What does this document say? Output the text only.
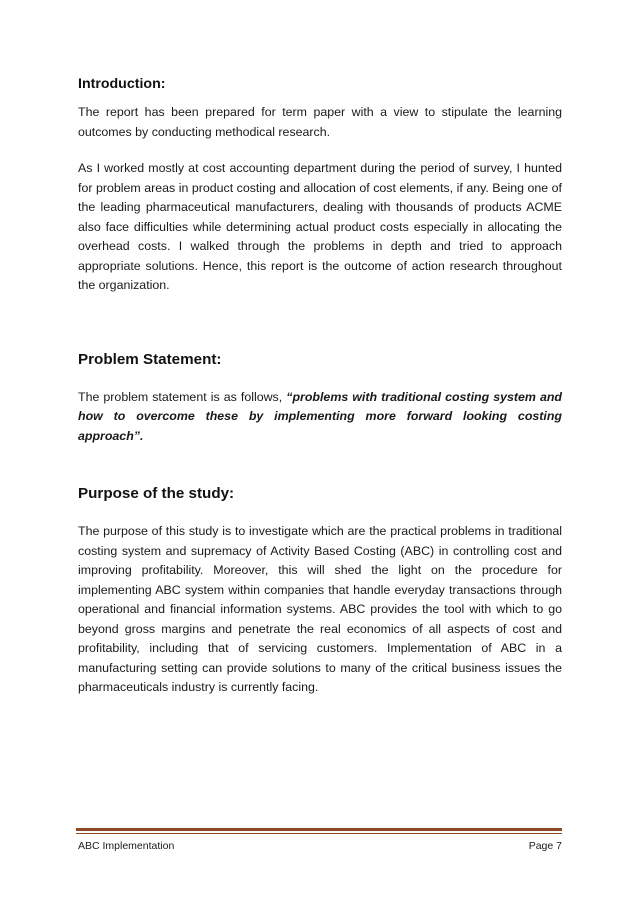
Introduction:

The report has been prepared for term paper with a view to stipulate the learning outcomes by conducting methodical research.

As I worked mostly at cost accounting department during the period of survey, I hunted for problem areas in product costing and allocation of cost elements, if any. Being one of the leading pharmaceutical manufacturers, dealing with thousands of products ACME also face difficulties while determining actual product costs especially in allocating the overhead costs. I walked through the problems in depth and tried to approach appropriate solutions. Hence, this report is the outcome of action research throughout the organization.

Problem Statement:

The problem statement is as follows, “problems with traditional costing system and how to overcome these by implementing more forward looking costing approach”.

Purpose of the study:

The purpose of this study is to investigate which are the practical problems in traditional costing system and supremacy of Activity Based Costing (ABC) in controlling cost and improving profitability. Moreover, this will shed the light on the procedure for implementing ABC system within companies that handle everyday transactions through operational and financial information systems. ABC provides the tool with which to go beyond gross margins and penetrate the real economics of all aspects of cost and profitability, including that of servicing customers. Implementation of ABC in a manufacturing setting can provide solutions to many of the critical business issues the pharmaceuticals industry is currently facing.

ABC Implementation	Page 7
